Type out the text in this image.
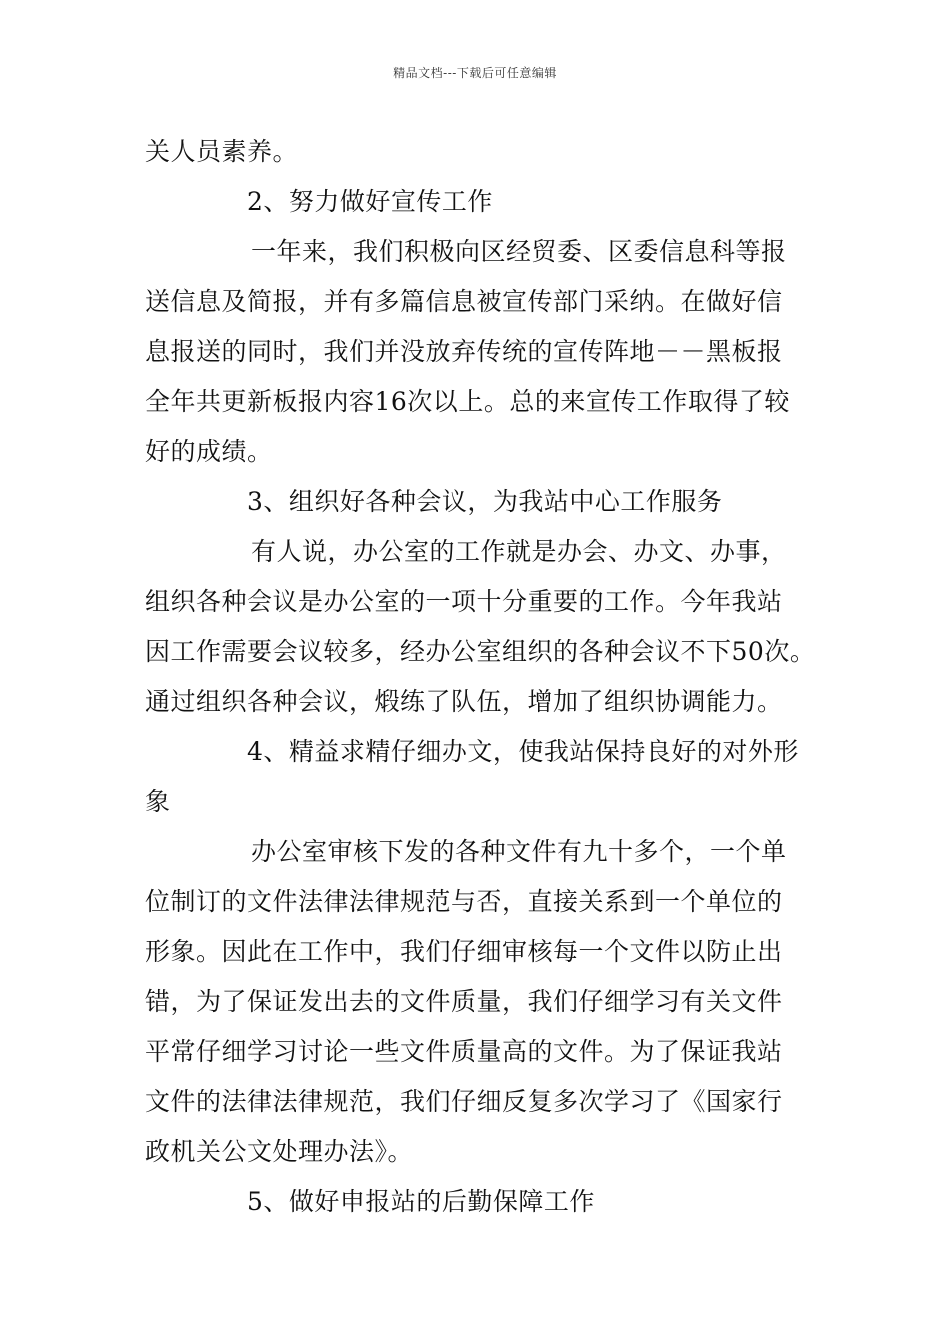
精品文档---下载后可任意编辑
关人员素养。
2、努力做好宣传工作
一年来，我们积极向区经贸委、区委信息科等报
送信息及简报，并有多篇信息被宣传部门采纳。在做好信
息报送的同时，我们并没放弃传统的宣传阵地－－黑板报
全年共更新板报内容16次以上。总的来宣传工作取得了较
好的成绩。
3、组织好各种会议，为我站中心工作服务
有人说，办公室的工作就是办会、办文、办事，
组织各种会议是办公室的一项十分重要的工作。今年我站
因工作需要会议较多，经办公室组织的各种会议不下50次。
通过组织各种会议，煅练了队伍，增加了组织协调能力。
4、精益求精仔细办文，使我站保持良好的对外形
象
办公室审核下发的各种文件有九十多个，一个单
位制订的文件法律法律规范与否，直接关系到一个单位的
形象。因此在工作中，我们仔细审核每一个文件以防止出
错，为了保证发出去的文件质量，我们仔细学习有关文件
平常仔细学习讨论一些文件质量高的文件。为了保证我站
文件的法律法律规范，我们仔细反复多次学习了《国家行
政机关公文处理办法》。
5、做好申报站的后勤保障工作
